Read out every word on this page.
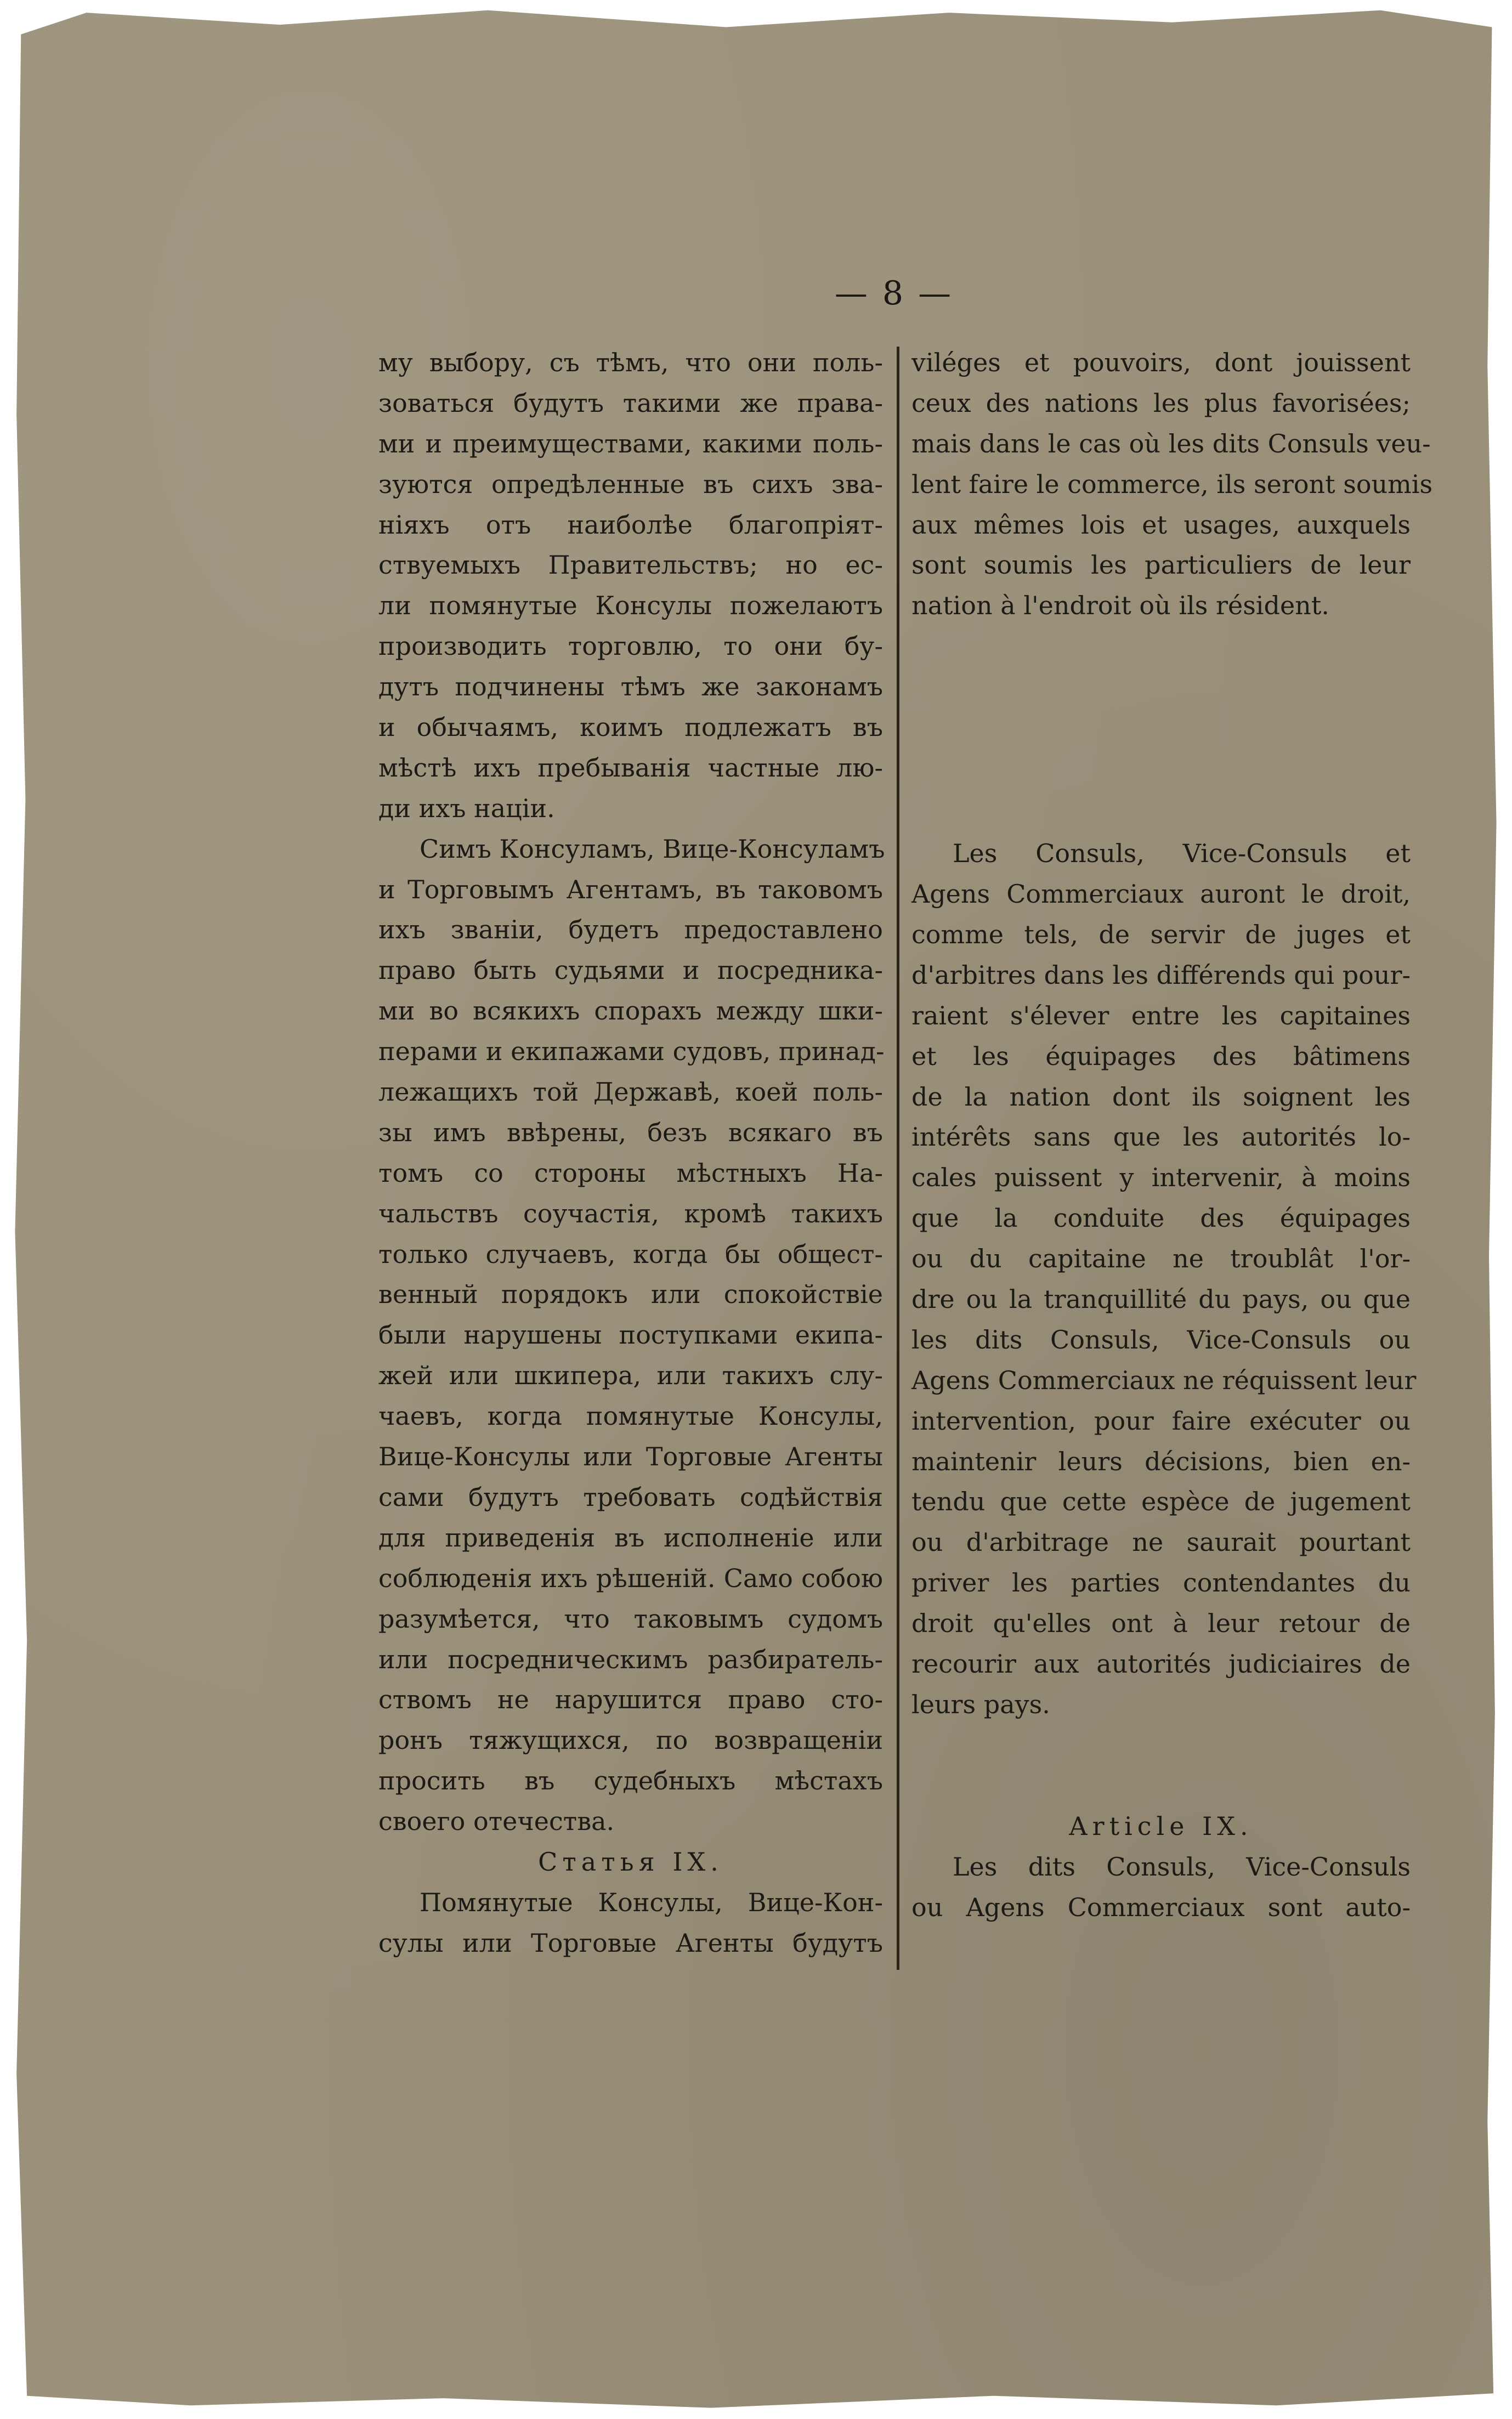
— 8 —
му выбору, съ тѣмъ, что они поль-
зоваться будутъ такими же права-
ми и преимуществами, какими поль-
зуются опредѣленные въ сихъ зва-
ніяхъ отъ наиболѣе благопріят-
ствуемыхъ Правительствъ; но ес-
ли помянутые Консулы пожелаютъ
производить торговлю, то они бу-
дутъ подчинены тѣмъ же законамъ
и обычаямъ, коимъ подлежатъ въ
мѣстѣ ихъ пребыванія частные лю-
ди ихъ націи.
Симъ Консуламъ, Вице-Консуламъ
и Торговымъ Агентамъ, въ таковомъ
ихъ званіи, будетъ предоставлено
право быть судьями и посредника-
ми во всякихъ спорахъ между шки-
перами и екипажами судовъ, принад-
лежащихъ той Державѣ, коей поль-
зы имъ ввѣрены, безъ всякаго въ
томъ со стороны мѣстныхъ На-
чальствъ соучастія, кромѣ такихъ
только случаевъ, когда бы общест-
венный порядокъ или спокойствіе
были нарушены поступками екипа-
жей или шкипера, или такихъ слу-
чаевъ, когда помянутые Консулы,
Вице-Консулы или Торговые Агенты
сами будутъ требовать содѣйствія
для приведенія въ исполненіе или
соблюденія ихъ рѣшеній. Само собою
разумѣется, что таковымъ судомъ
или посредническимъ разбиратель-
ствомъ не нарушится право сто-
ронъ тяжущихся, по возвращеніи
просить въ судебныхъ мѣстахъ
своего отечества.
Статья IX.
Помянутые Консулы, Вице-Кон-
сулы или Торговые Агенты будутъ
viléges et pouvoirs, dont jouissent
ceux des nations les plus favorisées;
mais dans le cas où les dits Consuls veu-
lent faire le commerce, ils seront soumis
aux mêmes lois et usages, auxquels
sont soumis les particuliers de leur
nation à l'endroit où ils résident.
Les Consuls, Vice-Consuls et
Agens Commerciaux auront le droit,
comme tels, de servir de juges et
d'arbitres dans les différends qui pour-
raient s'élever entre les capitaines
et les équipages des bâtimens
de la nation dont ils soignent les
intérêts sans que les autorités lo-
cales puissent y intervenir, à moins
que la conduite des équipages
ou du capitaine ne troublât l'or-
dre ou la tranquillité du pays, ou que
les dits Consuls, Vice-Consuls ou
Agens Commerciaux ne réquissent leur
intervention, pour faire exécuter ou
maintenir leurs décisions, bien en-
tendu que cette espèce de jugement
ou d'arbitrage ne saurait pourtant
priver les parties contendantes du
droit qu'elles ont à leur retour de
recourir aux autorités judiciaires de
leurs pays.
Article IX.
Les dits Consuls, Vice-Consuls
ou Agens Commerciaux sont auto-
